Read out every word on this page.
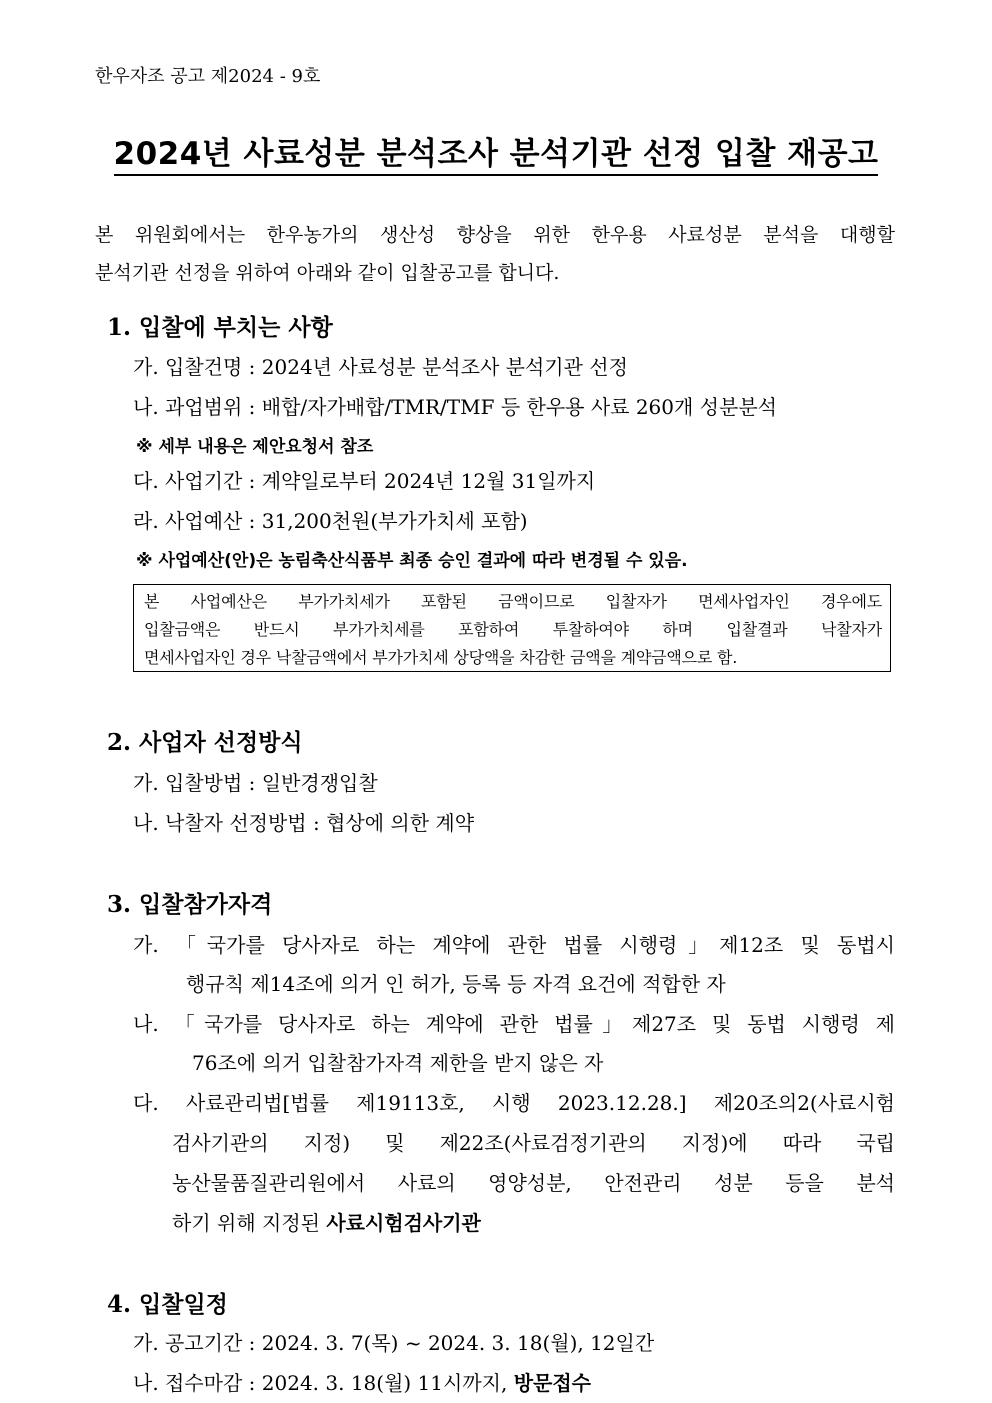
한우자조 공고 제2024 - 9호
2024년 사료성분 분석조사 분석기관 선정 입찰 재공고
본 위원회에서는 한우농가의 생산성 향상을 위한 한우용 사료성분 분석을 대행할
분석기관 선정을 위하여 아래와 같이 입찰공고를 합니다.
1. 입찰에 부치는 사항
가. 입찰건명 : 2024년 사료성분 분석조사 분석기관 선정
나. 과업범위 : 배합/자가배합/TMR/TMF 등 한우용 사료 260개 성분분석
※ 세부 내용은 제안요청서 참조
다. 사업기간 : 계약일로부터 2024년 12월 31일까지
라. 사업예산 : 31,200천원(부가가치세 포함)
※ 사업예산(안)은 농림축산식품부 최종 승인 결과에 따라 변경될 수 있음.
본 사업예산은 부가가치세가 포함된 금액이므로 입찰자가 면세사업자인 경우에도
입찰금액은 반드시 부가가치세를 포함하여 투찰하여야 하며 입찰결과 낙찰자가
면세사업자인 경우 낙찰금액에서 부가가치세 상당액을 차감한 금액을 계약금액으로 함.
2. 사업자 선정방식
가. 입찰방법 : 일반경쟁입찰
나. 낙찰자 선정방법 : 협상에 의한 계약
3. 입찰참가자격
가. 「국가를 당사자로 하는 계약에 관한 법률 시행령」제12조 및 동법시
행규칙 제14조에 의거 인 허가, 등록 등 자격 요건에 적합한 자
나. 「국가를 당사자로 하는 계약에 관한 법률」제27조 및 동법 시행령 제
76조에 의거 입찰참가자격 제한을 받지 않은 자
다. 사료관리법[법률 제19113호, 시행 2023.12.28.] 제20조의2(사료시험
검사기관의 지정) 및 제22조(사료검정기관의 지정)에 따라 국립
농산물품질관리원에서 사료의 영양성분, 안전관리 성분 등을 분석
하기 위해 지정된 사료시험검사기관
4. 입찰일정
가. 공고기간 : 2024. 3. 7(목) ~ 2024. 3. 18(월), 12일간
나. 접수마감 : 2024. 3. 18(월) 11시까지, 방문접수
